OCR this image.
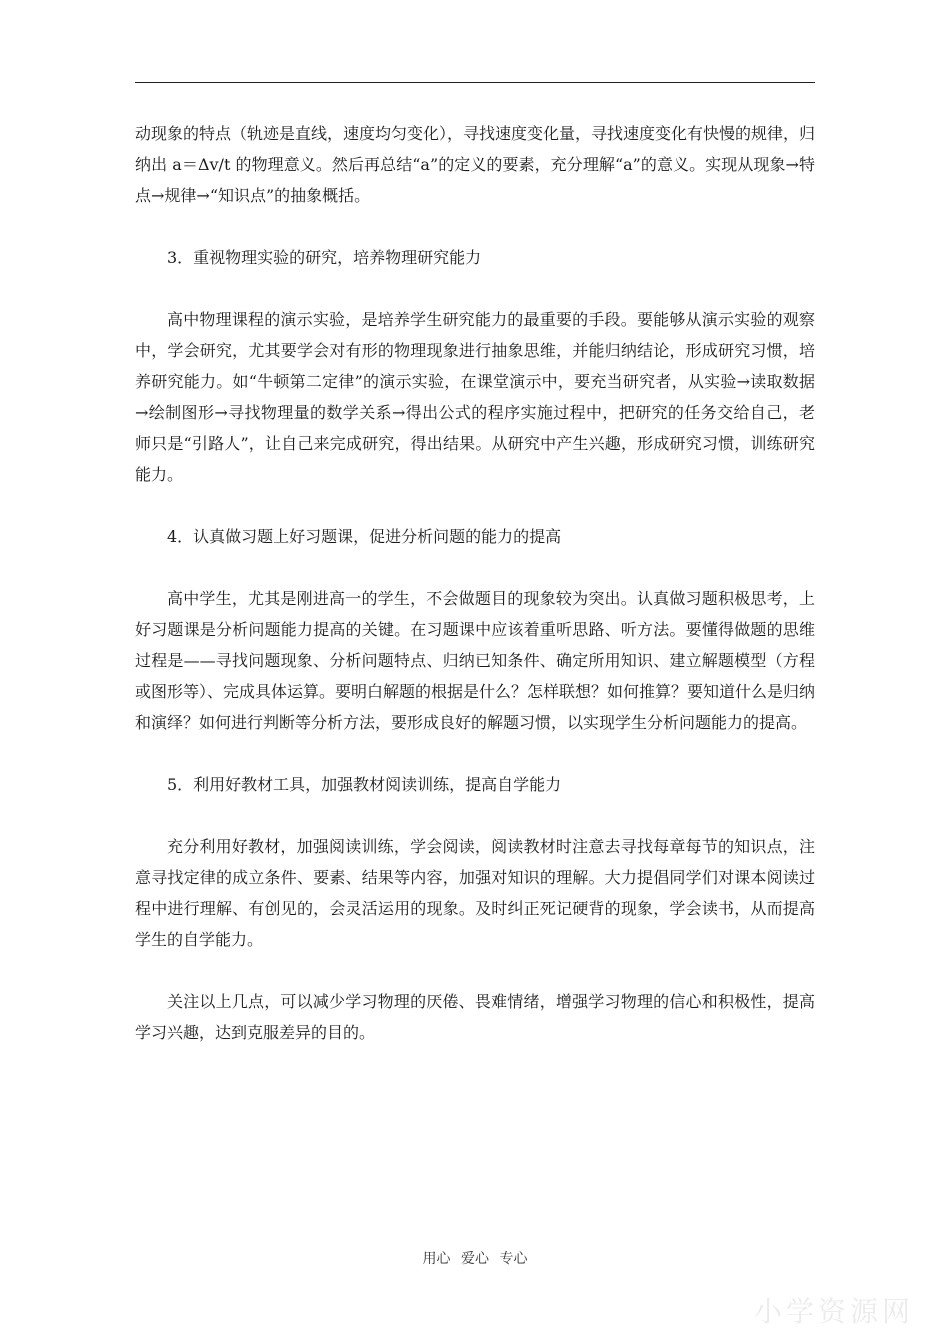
动现象的特点（轨迹是直线，速度均匀变化），寻找速度变化量，寻找速度变化有快慢的规律，归纳出 a＝Δv/t 的物理意义。然后再总结“a”的定义的要素，充分理解“a”的意义。实现从现象→特点→规律→“知识点”的抽象概括。

3．重视物理实验的研究，培养物理研究能力

高中物理课程的演示实验，是培养学生研究能力的最重要的手段。要能够从演示实验的观察中，学会研究，尤其要学会对有形的物理现象进行抽象思维，并能归纳结论，形成研究习惯，培养研究能力。如“牛顿第二定律”的演示实验，在课堂演示中，要充当研究者，从实验→读取数据→绘制图形→寻找物理量的数学关系→得出公式的程序实施过程中，把研究的任务交给自己，老师只是“引路人”，让自己来完成研究，得出结果。从研究中产生兴趣，形成研究习惯，训练研究能力。

4．认真做习题上好习题课，促进分析问题的能力的提高

高中学生，尤其是刚进高一的学生，不会做题目的现象较为突出。认真做习题积极思考，上好习题课是分析问题能力提高的关键。在习题课中应该着重听思路、听方法。要懂得做题的思维过程是——寻找问题现象、分析问题特点、归纳已知条件、确定所用知识、建立解题模型（方程或图形等）、完成具体运算。要明白解题的根据是什么？怎样联想？如何推算？要知道什么是归纳和演绎？如何进行判断等分析方法，要形成良好的解题习惯，以实现学生分析问题能力的提高。

5．利用好教材工具，加强教材阅读训练，提高自学能力

充分利用好教材，加强阅读训练，学会阅读，阅读教材时注意去寻找每章每节的知识点，注意寻找定律的成立条件、要素、结果等内容，加强对知识的理解。大力提倡同学们对课本阅读过程中进行理解、有创见的，会灵活运用的现象。及时纠正死记硬背的现象，学会读书，从而提高学生的自学能力。

关注以上几点，可以减少学习物理的厌倦、畏难情绪，增强学习物理的信心和积极性，提高学习兴趣，达到克服差异的目的。

用心 爱心 专心
小学资源网
